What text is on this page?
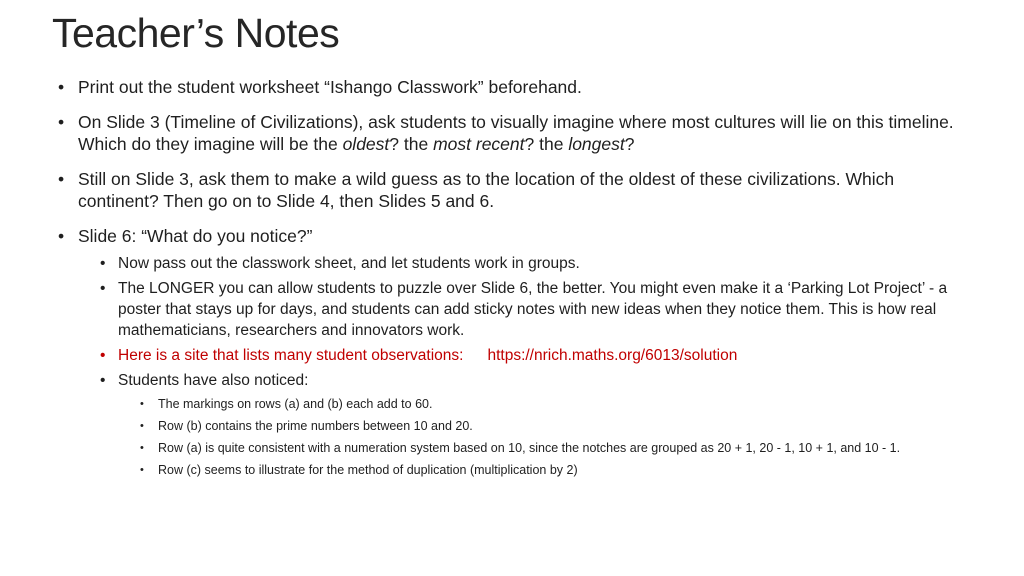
Teacher’s Notes
• Print out the student worksheet “Ishango Classwork” beforehand.
• On Slide 3 (Timeline of Civilizations), ask students to visually imagine where most cultures will lie on this timeline. Which do they imagine will be the oldest? the most recent? the longest?
• Still on Slide 3, ask them to make a wild guess as to the location of the oldest of these civilizations. Which continent? Then go on to Slide 4, then Slides 5 and 6.
• Slide 6: “What do you notice?”
• Now pass out the classwork sheet, and let students work in groups.
• The LONGER you can allow students to puzzle over Slide 6, the better. You might even make it a ‘Parking Lot Project’ - a poster that stays up for days, and students can add sticky notes with new ideas when they notice them. This is how real mathematicians, researchers and innovators work.
• Here is a site that lists many student observations: https://nrich.maths.org/6013/solution
• Students have also noticed:
• The markings on rows (a) and (b) each add to 60.
• Row (b) contains the prime numbers between 10 and 20.
• Row (a) is quite consistent with a numeration system based on 10, since the notches are grouped as 20 + 1, 20 - 1, 10 + 1, and 10 - 1.
• Row (c) seems to illustrate for the method of duplication (multiplication by 2)
